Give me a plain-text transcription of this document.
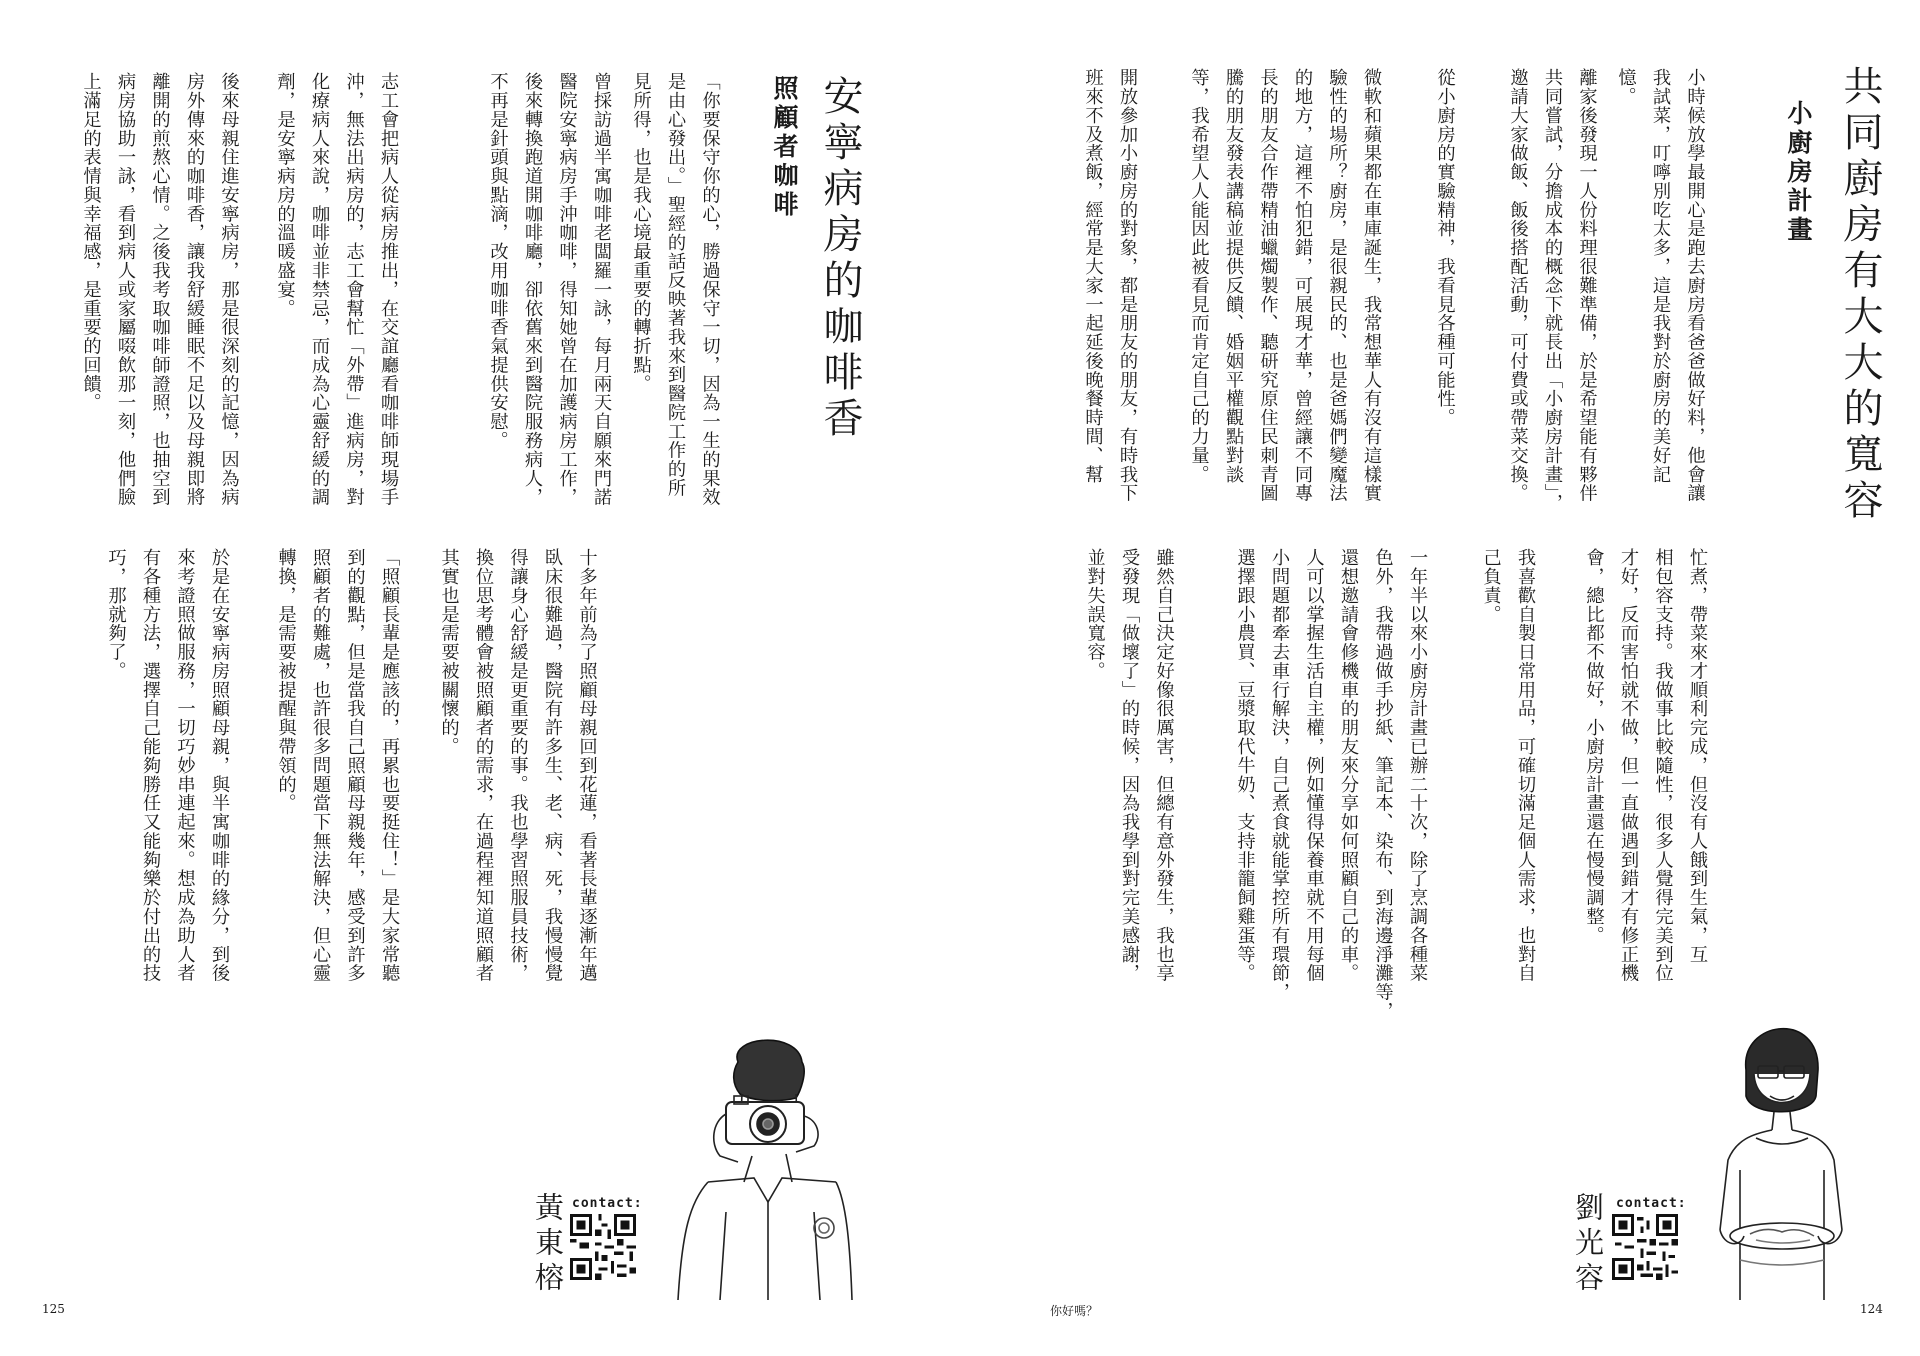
共同廚房有大大的寬容
小廚房計畫

小時候放學最開心是跑去廚房看爸爸做好料，他會讓
我試菜，叮嚀別吃太多，這是我對於廚房的美好記
憶。

離家後發現一人份料理很難準備，於是希望能有夥伴
共同嘗試，分擔成本的概念下就長出「小廚房計畫」，
邀請大家做飯、飯後搭配活動，可付費或帶菜交換。

從小廚房的實驗精神，我看見各種可能性。

微軟和蘋果都在車庫誕生，我常想華人有沒有這樣實
驗性的場所？廚房，是很親民的、也是爸媽們變魔法
的地方，這裡不怕犯錯，可展現才華，曾經讓不同專
長的朋友合作帶精油蠟燭製作、聽研究原住民刺青圖
騰的朋友發表講稿並提供反饋、婚姻平權觀點對談
等，我希望人人能因此被看見而肯定自己的力量。

開放參加小廚房的對象，都是朋友的朋友，有時我下
班來不及煮飯，經常是大家一起延後晚餐時間、幫

忙煮，帶菜來才順利完成，但沒有人餓到生氣，互
相包容支持。我做事比較隨性，很多人覺得完美到位
才好，反而害怕就不做，但一直做遇到錯才有修正機
會，總比都不做好，小廚房計畫還在慢慢調整。

我喜歡自製日常用品，可確切滿足個人需求，也對自
己負責。

一年半以來小廚房計畫已辦二十次，除了烹調各種菜
色外，我帶過做手抄紙、筆記本、染布、到海邊淨灘等，
還想邀請會修機車的朋友來分享如何照顧自己的車。
人可以掌握生活自主權，例如懂得保養車就不用每個
小問題都牽去車行解決，自己煮食就能掌控所有環節，
選擇跟小農買、豆漿取代牛奶、支持非籠飼雞蛋等。

雖然自己決定好像很厲害，但總有意外發生，我也享
受發現「做壞了」的時候，因為我學到對完美感謝，
並對失誤寬容。

contact:
劉光容
124
安寧病房的咖啡香
照顧者咖啡

「你要保守你的心，勝過保守一切，因為一生的果效
是由心發出。」聖經的話反映著我來到醫院工作的所
見所得，也是我心境最重要的轉折點。

曾採訪過半寓咖啡老闆羅一詠，每月兩天自願來門諾
醫院安寧病房手沖咖啡，得知她曾在加護病房工作，
後來轉換跑道開咖啡廳，卻依舊來到醫院服務病人，
不再是針頭與點滴，改用咖啡香氣提供安慰。

志工會把病人從病房推出，在交誼廳看咖啡師現場手
沖，無法出病房的，志工會幫忙「外帶」進病房，對
化療病人來說，咖啡並非禁忌，而成為心靈舒緩的調
劑，是安寧病房的溫暖盛宴。

後來母親住進安寧病房，那是很深刻的記憶，因為病
房外傳來的咖啡香，讓我舒緩睡眠不足以及母親即將
離開的煎熬心情。之後我考取咖啡師證照，也抽空到
病房協助一詠，看到病人或家屬啜飲那一刻，他們臉
上滿足的表情與幸福感，是重要的回饋。

十多年前為了照顧母親回到花蓮，看著長輩逐漸年邁
臥床很難過，醫院有許多生、老、病、死，我慢慢覺
得讓身心舒緩是更重要的事。我也學習照服員技術，
換位思考體會被照顧者的需求，在過程裡知道照顧者
其實也是需要被關懷的。

「照顧長輩是應該的，再累也要挺住！」是大家常聽
到的觀點，但是當我自己照顧母親幾年，感受到許多
照顧者的難處，也許很多問題當下無法解決，但心靈
轉換，是需要被提醒與帶領的。

於是在安寧病房照顧母親，與半寓咖啡的緣分，到後
來考證照做服務，一切巧妙串連起來。想成為助人者
有各種方法，選擇自己能夠勝任又能夠樂於付出的技
巧，那就夠了。

contact:
黃東榕
125	你好嗎？
